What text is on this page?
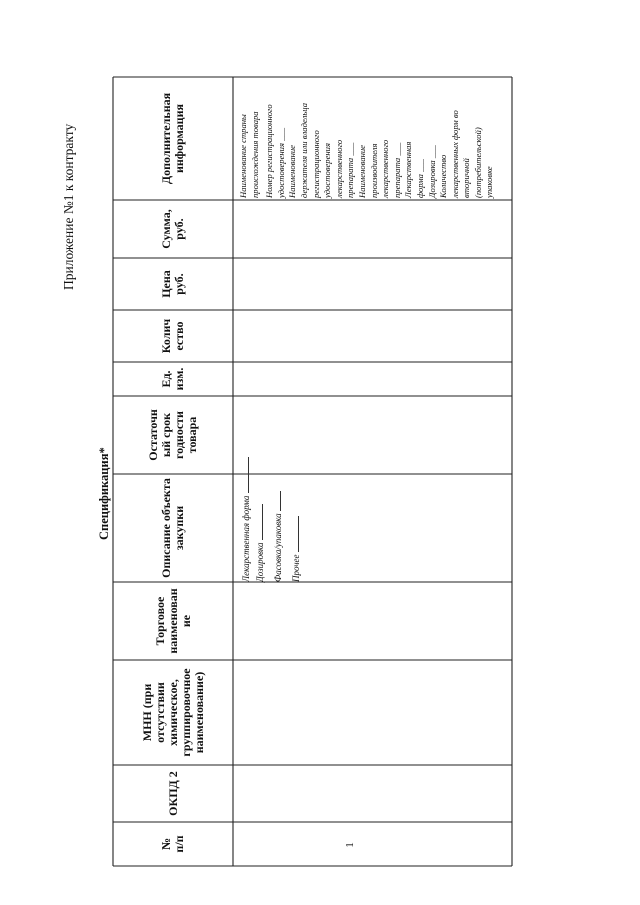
Приложение №1 к контракту
Спецификация*
№ п/п
ОКПД 2
МНН (при отсутствии химическое, группировочное наименование)
Торговое наименован ие
Описание объекта закупки
Остаточн ый срок годности товара
Ед. изм.
Колич ество
Цена руб.
Сумма, руб.
Дополнительная информация
1
Лекарственная форма Дозировка Фасовка/упаковка Прочее
Наименование страны происхождения товара Номер регистрационного удостоверения ___ Наименование держателя или владельца регистрационного удостоверения лекарственного препарата ___ Наименование производителя лекарственного препарата ___ Лекарственная форма ___ Дозировка ___ Количество лекарственных форм во вторичной (потребительской) упаковке
